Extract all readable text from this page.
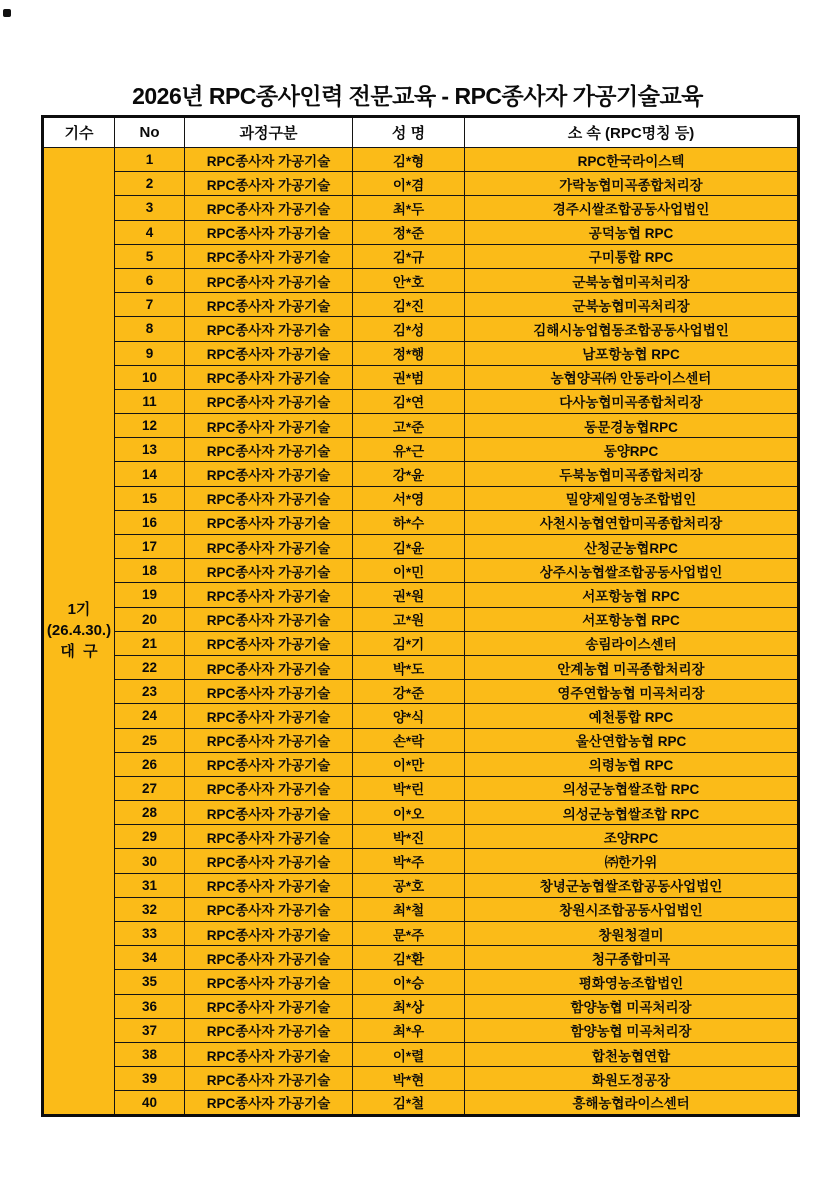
2026년 RPC종사인력 전문교육 - RPC종사자 가공기술교육
기수	No	과정구분	성 명	소 속 (RPC명칭 등)

1기
(26.4.30.)
대  구	1	RPC종사자 가공기술	김*형	RPC한국라이스텍
	2	RPC종사자 가공기술	이*겸	가락농협미곡종합처리장
	3	RPC종사자 가공기술	최*두	경주시쌀조합공동사업법인
	4	RPC종사자 가공기술	정*준	공덕농협 RPC
	5	RPC종사자 가공기술	김*규	구미통합 RPC
	6	RPC종사자 가공기술	안*호	군북농협미곡처리장
	7	RPC종사자 가공기술	김*진	군북농협미곡처리장
	8	RPC종사자 가공기술	김*성	김해시농업협동조합공동사업법인
	9	RPC종사자 가공기술	정*행	남포항농협 RPC
	10	RPC종사자 가공기술	권*범	농협양곡㈜ 안동라이스센터
	11	RPC종사자 가공기술	김*연	다사농협미곡종합처리장
	12	RPC종사자 가공기술	고*준	동문경농협RPC
	13	RPC종사자 가공기술	유*근	동양RPC
	14	RPC종사자 가공기술	강*윤	두북농협미곡종합처리장
	15	RPC종사자 가공기술	서*영	밀양제일영농조합법인
	16	RPC종사자 가공기술	하*수	사천시농협연합미곡종합처리장
	17	RPC종사자 가공기술	김*윤	산청군농협RPC
	18	RPC종사자 가공기술	이*민	상주시농협쌀조합공동사업법인
	19	RPC종사자 가공기술	권*원	서포항농협 RPC
	20	RPC종사자 가공기술	고*원	서포항농협 RPC
	21	RPC종사자 가공기술	김*기	송림라이스센터
	22	RPC종사자 가공기술	박*도	안계농협 미곡종합처리장
	23	RPC종사자 가공기술	강*준	영주연합농협 미곡처리장
	24	RPC종사자 가공기술	양*식	예천통합 RPC
	25	RPC종사자 가공기술	손*락	울산연합농협 RPC
	26	RPC종사자 가공기술	이*만	의령농협 RPC
	27	RPC종사자 가공기술	박*린	의성군농협쌀조합 RPC
	28	RPC종사자 가공기술	이*오	의성군농협쌀조합 RPC
	29	RPC종사자 가공기술	박*진	조양RPC
	30	RPC종사자 가공기술	박*주	㈜한가위
	31	RPC종사자 가공기술	공*호	창녕군농협쌀조합공동사업법인
	32	RPC종사자 가공기술	최*철	창원시조합공동사업법인
	33	RPC종사자 가공기술	문*주	창원청결미
	34	RPC종사자 가공기술	김*환	청구종합미곡
	35	RPC종사자 가공기술	이*승	평화영농조합법인
	36	RPC종사자 가공기술	최*상	함양농협 미곡처리장
	37	RPC종사자 가공기술	최*우	함양농협 미곡처리장
	38	RPC종사자 가공기술	이*렬	합천농협연합
	39	RPC종사자 가공기술	박*현	화원도정공장
	40	RPC종사자 가공기술	김*철	흥해농협라이스센터
